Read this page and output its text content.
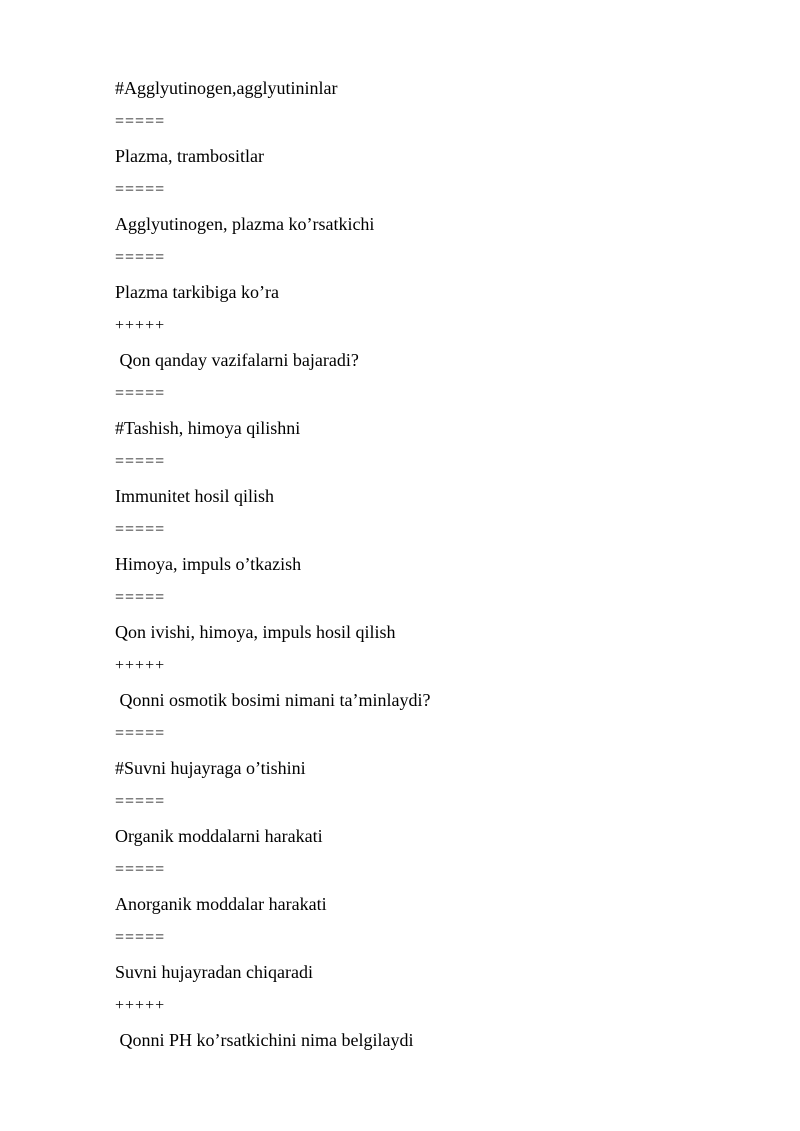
#Agglyutinogen,agglyutininlar
=====
Plazma, trambositlar
=====
Agglyutinogen, plazma ko’rsatkichi
=====
Plazma tarkibiga ko’ra
+++++
Qon qanday vazifalarni bajaradi?
=====
#Tashish, himoya qilishni
=====
Immunitet hosil qilish
=====
Himoya, impuls o’tkazish
=====
Qon ivishi, himoya, impuls hosil qilish
+++++
Qonni osmotik bosimi nimani ta’minlaydi?
=====
#Suvni hujayraga o’tishini
=====
Organik moddalarni harakati
=====
Anorganik moddalar harakati
=====
Suvni hujayradan chiqaradi
+++++
Qonni PH ko’rsatkichini nima belgilaydi
